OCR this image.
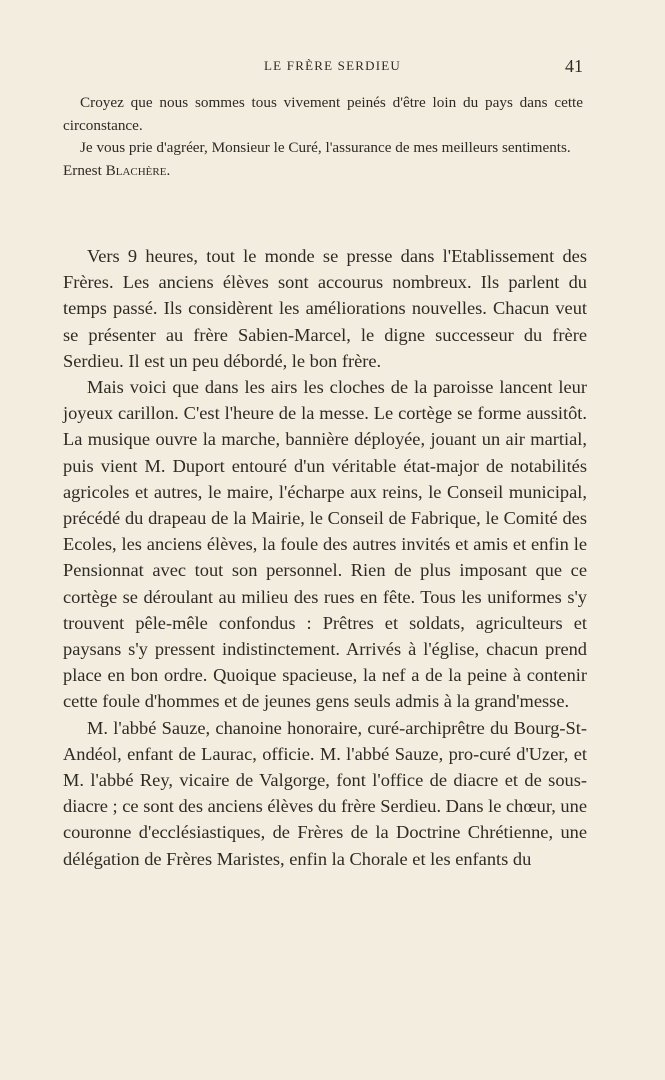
LE FRÈRE SERDIEU	41

Croyez que nous sommes tous vivement peinés d'être loin du pays dans cette circonstance.

Je vous prie d'agréer, Monsieur le Curé, l'assurance de mes meilleurs sentiments.

Ernest Blachère.

Vers 9 heures, tout le monde se presse dans l'Etablissement des Frères. Les anciens élèves sont accourus nombreux. Ils parlent du temps passé. Ils considèrent les améliorations nouvelles. Chacun veut se présenter au frère Sabien-Marcel, le digne successeur du frère Serdieu. Il est un peu débordé, le bon frère.

Mais voici que dans les airs les cloches de la paroisse lancent leur joyeux carillon. C'est l'heure de la messe. Le cortège se forme aussitôt. La musique ouvre la marche, bannière déployée, jouant un air martial, puis vient M. Duport entouré d'un véritable état-major de notabilités agricoles et autres, le maire, l'écharpe aux reins, le Conseil municipal, précédé du drapeau de la Mairie, le Conseil de Fabrique, le Comité des Ecoles, les anciens élèves, la foule des autres invités et amis et enfin le Pensionnat avec tout son personnel. Rien de plus imposant que ce cortège se déroulant au milieu des rues en fête. Tous les uniformes s'y trouvent pêle-mêle confondus : Prêtres et soldats, agriculteurs et paysans s'y pressent indistinctement. Arrivés à l'église, chacun prend place en bon ordre. Quoique spacieuse, la nef a de la peine à contenir cette foule d'hommes et de jeunes gens seuls admis à la grand'messe.

M. l'abbé Sauze, chanoine honoraire, curé-archiprêtre du Bourg-St-Andéol, enfant de Laurac, officie. M. l'abbé Sauze, pro-curé d'Uzer, et M. l'abbé Rey, vicaire de Valgorge, font l'office de diacre et de sous-diacre ; ce sont des anciens élèves du frère Serdieu. Dans le chœur, une couronne d'ecclésiastiques, de Frères de la Doctrine Chrétienne, une délégation de Frères Maristes, enfin la Chorale et les enfants du
